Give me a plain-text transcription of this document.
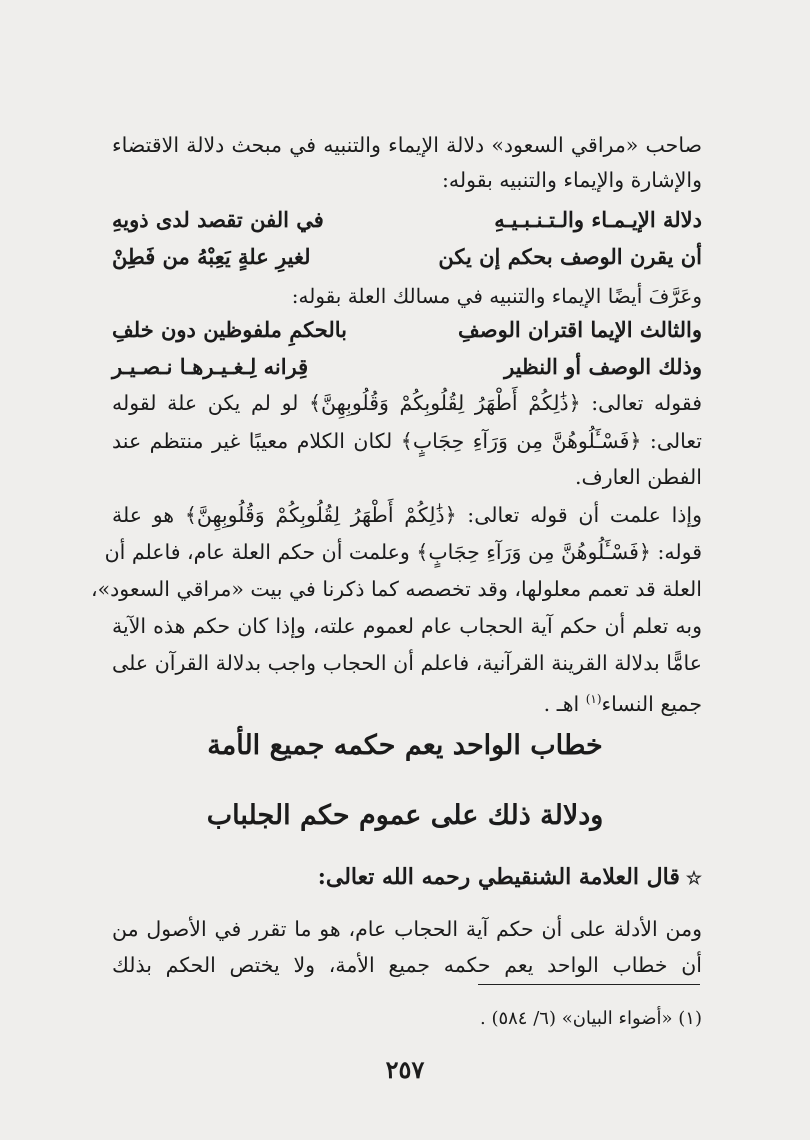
صاحب «مراقي السعود» دلالة الإيماء والتنبيه في مبحث دلالة الاقتضاء
والإشارة والإيماء والتنبيه بقوله:
دلالة الإيـمـاء والـتـنـبـيـهِ
في الفن تقصد لدى ذويهِ
أن يقرن الوصف بحكم إن يكن
لغيرِ علةٍ يَعِبْهُ من فَطِنْ
وعَرَّفَ أيضًا الإيماء والتنبيه في مسالك العلة بقوله:
والثالث الإيما اقتران الوصفِ
بالحكمِ ملفوظين دون خلفِ
وذلك الوصف أو النظير
قِرانه لِـغـيـرهـا نـصـيـر
فقوله تعالى: ﴿ذَٰلِكُمْ أَطْهَرُ لِقُلُوبِكُمْ وَقُلُوبِهِنَّ﴾ لو لم يكن علة لقوله
تعالى: ﴿فَسْـَٔلُوهُنَّ مِن وَرَآءِ حِجَابٍ﴾ لكان الكلام معيبًا غير منتظم عند
الفطن العارف.
وإذا علمت أن قوله تعالى: ﴿ذَٰلِكُمْ أَطْهَرُ لِقُلُوبِكُمْ وَقُلُوبِهِنَّ﴾ هو علة
قوله: ﴿فَسْـَٔلُوهُنَّ مِن وَرَآءِ حِجَابٍ﴾ وعلمت أن حكم العلة عام، فاعلم أن
العلة قد تعمم معلولها، وقد تخصصه كما ذكرنا في بيت «مراقي السعود»،
وبه تعلم أن حكم آية الحجاب عام لعموم علته، وإذا كان حكم هذه الآية
عامًّا بدلالة القرينة القرآنية، فاعلم أن الحجاب واجب بدلالة القرآن على
جميع النساء$^{(١)}$ اهـ .
خطاب الواحد يعم حكمه جميع الأمة
ودلالة ذلك على عموم حكم الجلباب
☆قال العلامة الشنقيطي رحمه الله تعالى:
ومن الأدلة على أن حكم آية الحجاب عام، هو ما تقرر في الأصول من
أن خطاب الواحد يعم حكمه جميع الأمة، ولا يختص الحكم بذلك
(١) «أضواء البيان» (٦/ ٥٨٤) .
٢٥٧
